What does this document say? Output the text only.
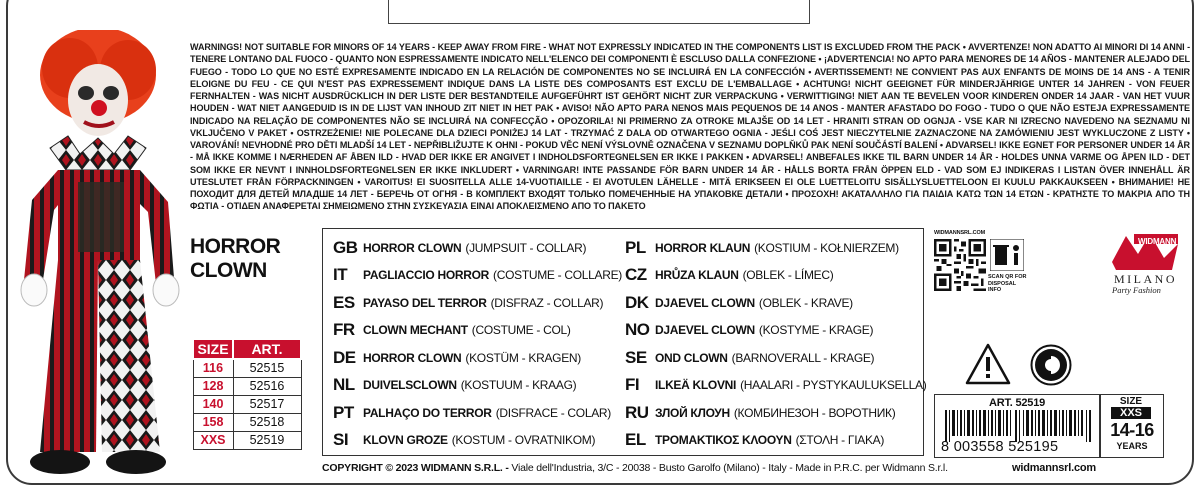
WARNINGS! NOT SUITABLE FOR MINORS OF 14 YEARS - KEEP AWAY FROM FIRE - WHAT NOT EXPRESSLY INDICATED IN THE COMPONENTS LIST IS EXCLUDED FROM THE PACK • AVVERTENZE! NON ADATTO AI MINORI DI 14 ANNI - TENERE LONTANO DAL FUOCO - QUANTO NON ESPRESSAMENTE INDICATO NELL'ELENCO DEI COMPONENTI È ESCLUSO DALLA CONFEZIONE • ¡ADVERTENCIA! NO APTO PARA MENORES DE 14 AÑOS - MANTENER ALEJADO DEL FUEGO - TODO LO QUE NO ESTÉ EXPRESAMENTE INDICADO EN LA RELACIÓN DE COMPONENTES NO SE INCLUIRÁ EN LA CONFECCIÓN • AVERTISSEMENT! NE CONVIENT PAS AUX ENFANTS DE MOINS DE 14 ANS - A TENIR ELOIGNE DU FEU - CE QUI N'EST PAS EXPRESSEMENT INDIQUE DANS LA LISTE DES COMPOSANTS EST EXCLU DE L'EMBALLAGE • ACHTUNG! NICHT GEEIGNET FÜR MINDERJÄHRIGE UNTER 14 JAHREN - VON FEUER FERNHALTEN - WAS NICHT AUSDRÜCKLICH IN DER LISTE DER BESTANDTEILE AUFGEFÜHRT IST GEHÖRT NICHT ZUR VERPACKUNG • VERWITTIGING! NIET AAN TE BEVELEN VOOR KINDEREN ONDER 14 JAAR - VAN HET VUUR HOUDEN - WAT NIET AANGEDUID IS IN DE LIJST VAN INHOUD ZIT NIET IN HET PAK • AVISO! NÃO APTO PARA NENOS MAIS PEQUENOS DE 14 ANOS - MANTER AFASTADO DO FOGO - TUDO O QUE NÃO ESTEJA EXPRESSAMENTE INDICADO NA RELAÇÃO DE COMPONENTES NÃO SE INCLUIRÁ NA CONFECÇÃO • OPOZORILA! NI PRIMERNO ZA OTROKE MLAJŠE OD 14 LET - HRANITI STRAN OD OGNJA - VSE KAR NI IZRECNO NAVEDENO NA SEZNAMU NI VKLJUČENO V PAKET • OSTRZEŻENIE! NIE POLECANE DLA DZIECI PONIŻEJ 14 LAT - TRZYMAĆ Z DALA OD OTWARTEGO OGNIA - JEŚLI COŚ JEST NIECZYTELNIE ZAZNACZONE NA ZAMÓWIENIU JEST WYKLUCZONE Z LISTY • VAROVÁNÍ! NEVHODNÉ PRO DĚTI MLADŠÍ 14 LET - NEPŘIBLIŽUJTE K OHNI - POKUD VĚC NENÍ VÝSLOVNĚ OZNAČENA V SEZNAMU DOPLŇKŮ PAK NENÍ SOUČÁSTÍ BALENÍ • ADVARSEL! IKKE EGNET FOR PERSONER UNDER 14 ÅR - MÅ IKKE KOMME I NÆRHEDEN AF ÅBEN ILD - HVAD DER IKKE ER ANGIVET I INDHOLDSFORTEGNELSEN ER IKKE I PAKKEN • ADVARSEL! ANBEFALES IKKE TIL BARN UNDER 14 ÅR - HOLDES UNNA VARME OG ÅPEN ILD - DET SOM IKKE ER NEVNT I INNHOLDSFORTEGNELSEN ER IKKE INKLUDERT • VARNINGAR! INTE PASSANDE FÖR BARN UNDER 14 ÅR - HÅLLS BORTA FRÅN ÖPPEN ELD - VAD SOM EJ INDIKERAS I LISTAN ÖVER INNEHÅLL ÄR UTESLUTET FRÅN FÖRPACKNINGEN • VAROITUS! EI SUOSITELLA ALLE 14-VUOTIAILLE - EI AVOTULEN LÄHELLE - MITÄ ERIKSEEN EI OLE LUETTELOITU SISÄLLYSLUETTELOON EI KUULU PAKKAUKSEEN • ВНИМАНИЕ! НЕ ПОХОДИТ ДЛЯ ДЕТЕЙ МЛАДШЕ 14 ЛЕТ - БЕРЕЧЬ ОТ ОГНЯ - В КОМПЛЕКТ ВХОДЯТ ТОЛЬКО ПОМЕЧЕННЫЕ НА УПАКОВКЕ ДЕТАЛИ • ΠΡΟΣΟΧΗ! ΑΚΑΤΑΛΛΗΛΟ ΓΙΑ ΠΑΙΔΙΑ ΚΑΤΩ ΤΩΝ 14 ΕΤΩΝ - ΚΡΑΤΗΣΤΕ ΤΟ ΜΑΚΡΙΑ ΑΠΟ ΤΗ ΦΩΤΙΑ - ΟΤΙΔΕΝ ΑΝΑΦΕΡΕΤΑΙ ΣΗΜΕΙΩΜΕΝΟ ΣΤΗΝ ΣΥΣΚΕΥΑΣΙΑ ΕΙΝΑΙ ΑΠΟΚΛΕΙΣΜΕΝΟ ΑΠΟ ΤΟ ΠΑΚΕΤΟ
HORROR
CLOWN
SIZE	ART.
116	52515
128	52516
140	52517
158	52518
XXS	52519
GB HORROR CLOWN (JUMPSUIT - COLLAR)
IT	PAGLIACCIO HORROR (COSTUME - COLLARE)
ES PAYASO DEL TERROR (DISFRAZ - COLLAR)
FR CLOWN MECHANT (COSTUME - COL)
DE HORROR CLOWN (KOSTÜM - KRAGEN)
NL DUIVELSCLOWN (KOSTUUM - KRAAG)
PT PALHAÇO DO TERROR (DISFRACE - COLAR)
SI	KLOVN GROZE (KOSTUM - OVRATNIKOM)
PL HORROR KLAUN (KOSTIUM - KOŁNIERZEM)
CZ HRŮZA KLAUN (OBLEK - LÍMEC)
DK DJAEVEL CLOWN (OBLEK - KRAVE)
NO DJAEVEL CLOWN (KOSTYME - KRAGE)
SE OND CLOWN (BARNOVERALL - KRAGE)
FI	ILKEÄ KLOVNI (HAALARI - PYSTYKAULUKSELLA)
RU ЗЛОЙ КЛОУН (КОМБИНЕЗОН - ВОРОТНИК)
EL ΤΡΟΜΑΚΤΙΚΟΣ ΚΛΟΟΥΝ (ΣΤΟΛΗ - ΓΙΑΚΑ)
COPYRIGHT © 2023 WIDMANN S.R.L. - Viale dell'Industria, 3/C - 20038 - Busto Garolfo (Milano) - Italy - Made in P.R.C. per Widmann S.r.l.	widmannsrl.com
WIDMANNSRL.COM
SCAN QR FOR DISPOSAL INFO
WIDMANN
MILANO
Party Fashion
ART. 52519
8 003558 525195
SIZE
XXS
14-16
YEARS
